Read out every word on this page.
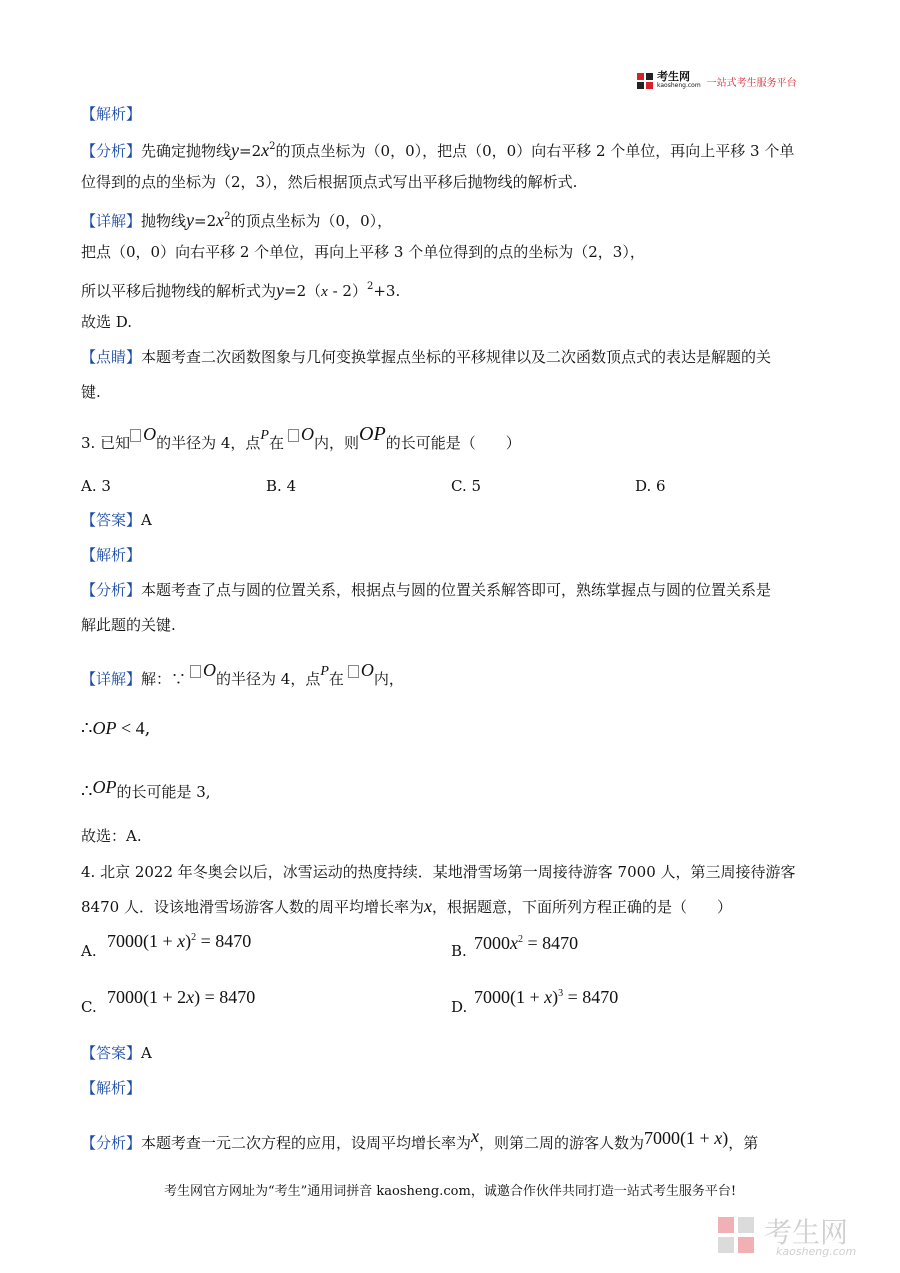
考生网
kaosheng.com 一站式考生服务平台
【解析】
【分析】先确定抛物线$y=2x^2$的顶点坐标为（0，0），把点（0，0）向右平移 2 个单位，再向上平移 3 个单
位得到的点的坐标为（2，3），然后根据顶点式写出平移后抛物线的解析式.
【详解】抛物线$y=2x^2$的顶点坐标为（0，0），
把点（0，0）向右平移 2 个单位，再向上平移 3 个单位得到的点的坐标为（2，3），
所以平移后抛物线的解析式为y=2（x - 2）$^2$+3.
故选 D.
【点睛】本题考查二次函数图象与几何变换掌握点坐标的平移规律以及二次函数顶点式的表达是解题的关
键.
3. 已知 O的半径为 4，点P在 O内，则OP的长可能是（　　）
A. 3	B. 4	C. 5	D. 6
【答案】A
【解析】
【分析】本题考查了点与圆的位置关系，根据点与圆的位置关系解答即可，熟练掌握点与圆的位置关系是
解此题的关键.
【详解】解：∵ O的半径为 4，点P在 O内，
∴OP < 4,
∴OP的长可能是 3,
故选：A.
4. 北京 2022 年冬奥会以后，冰雪运动的热度持续．某地滑雪场第一周接待游客 7000 人，第三周接待游客
8470 人．设该地滑雪场游客人数的周平均增长率为x，根据题意，下面所列方程正确的是（　　）
A. $7000(1 + x)^2 = 8470$	B. $7000x^2 = 8470$
C. 7000(1 + 2x) = 8470	D. $7000(1 + x)^3 = 8470$
【答案】A
【解析】
【分析】本题考查一元二次方程的应用，设周平均增长率为x，则第二周的游客人数为7000(1 + x)，第
考生网官方网址为“考生”通用词拼音 kaosheng.com，诚邀合作伙伴共同打造一站式考生服务平台!
考生网
kaosheng.com
